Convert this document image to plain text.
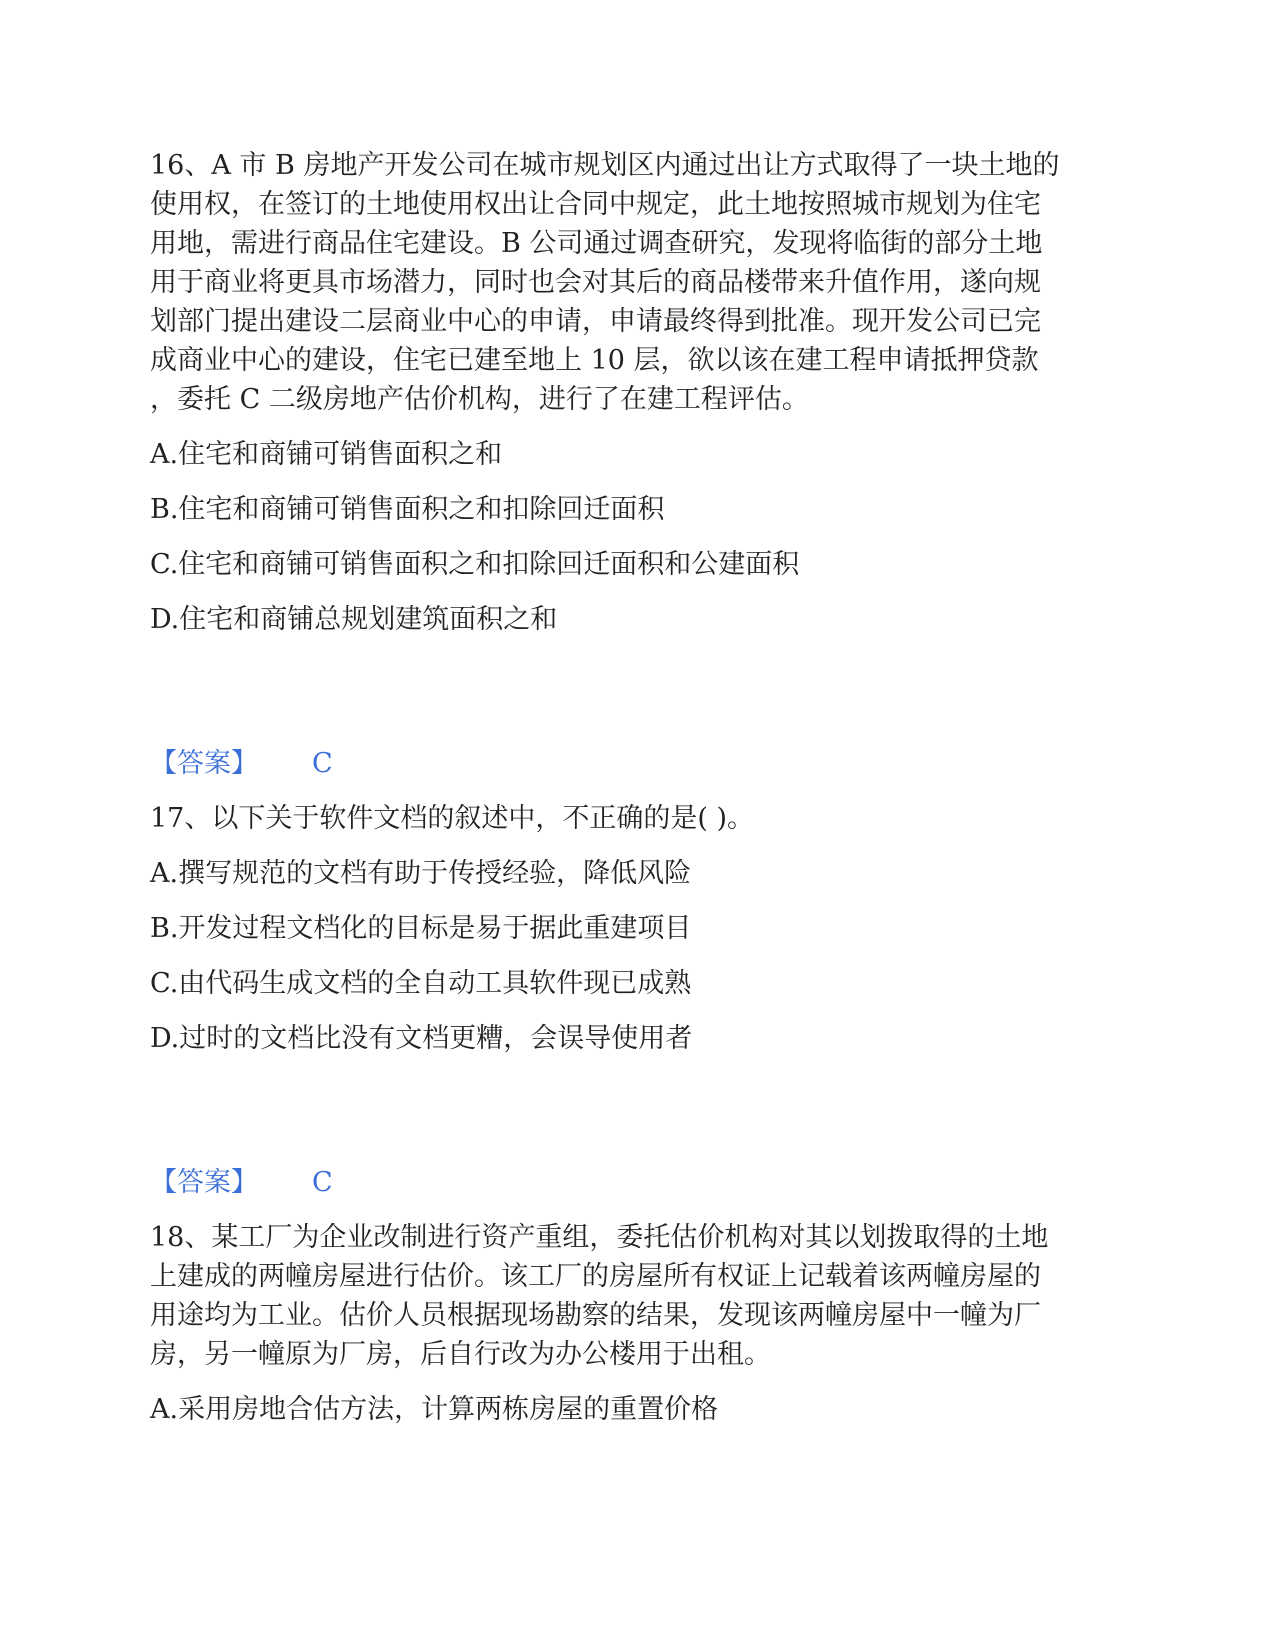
16、A 市 B 房地产开发公司在城市规划区内通过出让方式取得了一块土地的
使用权，在签订的土地使用权出让合同中规定，此土地按照城市规划为住宅
用地，需进行商品住宅建设。B 公司通过调查研究，发现将临街的部分土地
用于商业将更具市场潜力，同时也会对其后的商品楼带来升值作用，遂向规
划部门提出建设二层商业中心的申请，申请最终得到批准。现开发公司已完
成商业中心的建设，住宅已建至地上 10 层，欲以该在建工程申请抵押贷款
，委托 C 二级房地产估价机构，进行了在建工程评估。
A.住宅和商铺可销售面积之和
B.住宅和商铺可销售面积之和扣除回迁面积
C.住宅和商铺可销售面积之和扣除回迁面积和公建面积
D.住宅和商铺总规划建筑面积之和
【答案】 C
17、以下关于软件文档的叙述中，不正确的是( )。
A.撰写规范的文档有助于传授经验，降低风险
B.开发过程文档化的目标是易于据此重建项目
C.由代码生成文档的全自动工具软件现已成熟
D.过时的文档比没有文档更糟，会误导使用者
【答案】 C
18、某工厂为企业改制进行资产重组，委托估价机构对其以划拨取得的土地
上建成的两幢房屋进行估价。该工厂的房屋所有权证上记载着该两幢房屋的
用途均为工业。估价人员根据现场勘察的结果，发现该两幢房屋中一幢为厂
房，另一幢原为厂房，后自行改为办公楼用于出租。
A.采用房地合估方法，计算两栋房屋的重置价格
